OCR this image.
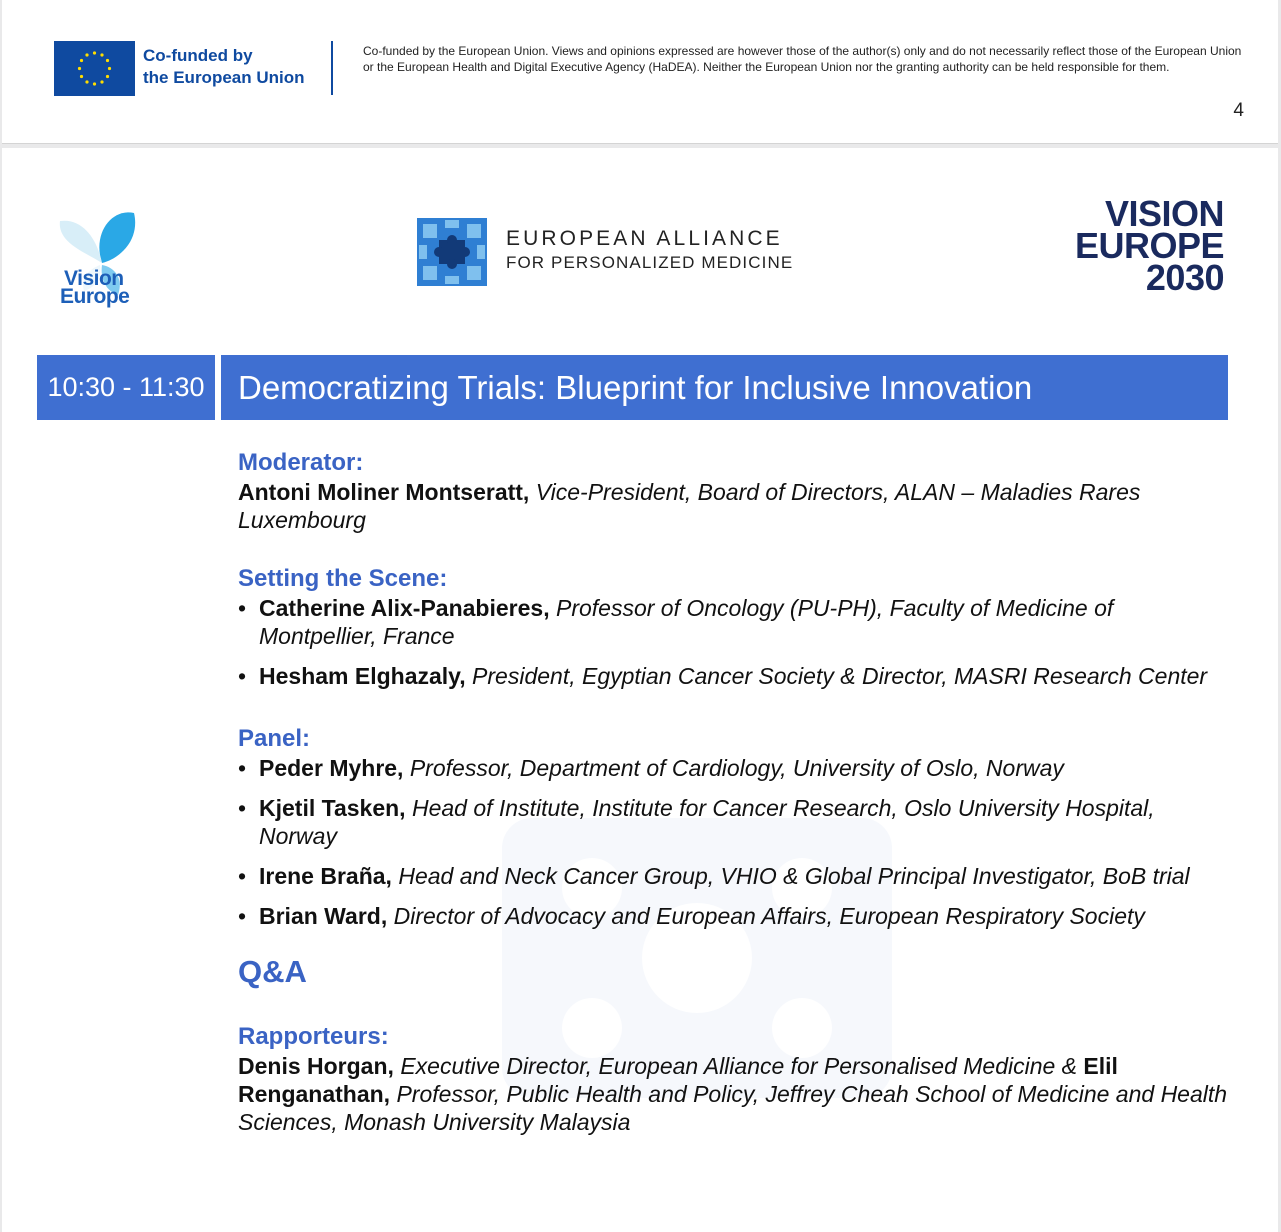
Co-funded by
the European Union
Co-funded by the European Union. Views and opinions expressed are however those of the author(s) only and do not necessarily reflect those of the European Union or the European Health and Digital Executive Agency (HaDEA). Neither the European Union nor the granting authority can be held responsible for them.
4
Vision
Europe
EUROPEAN ALLIANCE
FOR PERSONALIZED MEDICINE
VISION
EUROPE
2030
10:30 - 11:30	Democratizing Trials: Blueprint for Inclusive Innovation

Moderator:

Antoni Moliner Montseratt, Vice-President, Board of Directors, ALAN – Maladies Rares Luxembourg

Setting the Scene:

• Catherine Alix-Panabieres, Professor of Oncology (PU-PH), Faculty of Medicine of Montpellier, France
• Hesham Elghazaly, President, Egyptian Cancer Society & Director, MASRI Research Center

Panel:

• Peder Myhre, Professor, Department of Cardiology, University of Oslo, Norway
• Kjetil Tasken, Head of Institute, Institute for Cancer Research, Oslo University Hospital, Norway
• Irene Braña, Head and Neck Cancer Group, VHIO & Global Principal Investigator, BoB trial
• Brian Ward, Director of Advocacy and European Affairs, European Respiratory Society

Q&A

Rapporteurs:

Denis Horgan, Executive Director, European Alliance for Personalised Medicine & Elil Renganathan, Professor, Public Health and Policy, Jeffrey Cheah School of Medicine and Health Sciences, Monash University Malaysia
